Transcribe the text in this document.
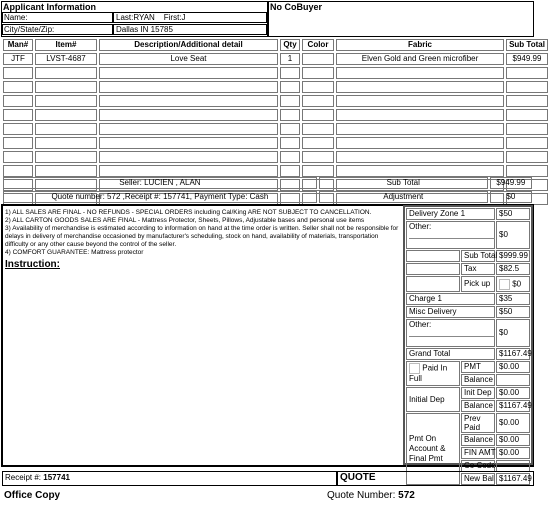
Applicant Information
Name:	Last:RYAN First:J
City/State/Zip:	Dallas IN 15785
No CoBuyer
Man#	Item#	Description/Additional detail	Qty	Color	Fabric	Sub Total
JTF	LVST-4687	Love Seat	1		Elven Gold and Green microfiber	$949.99

Seller: LUCIEN , ALAN	Sub Total	$949.99
Quote number: 572 ,Receipt #: 157741, Payment Type: Cash	Adjustment	$0
1) ALL SALES ARE FINAL - NO REFUNDS - SPECIAL ORDERS including Cal/King ARE NOT SUBJECT TO CANCELLATION.
2) ALL CARTON GOODS SALES ARE FINAL - Mattress Protector, Sheets, Pillows, Adjustable bases and personal use items
3) Availability of merchandise is estimated according to information on hand at the time order is written. Seller shall not be responsible for delays in delivery of merchandise occasioned by manufacturer's scheduling, stock on hand, availability of materials, transportation difficulty or any other cause beyond the control of the seller.
4) COMFORT GUARANTEE: Mattress protector
Instruction:
Delivery Zone 1		$50

Other:		$0
	Sub Total	$999.99
	Tax	$82.5
	Pick up	$0
Charge 1		$35
Misc Delivery		$50

Other:		$0
Grand Total		$1167.49
Paid In Full	PMT	$0.00
	Balance	
Initial Dep	Init Dep	$0.00
	Balance	$1167.49
Pmt On Account & Final Pmt	Prev Paid	$0.00
	Balance	$0.00
	FIN AMT	$0.00
	Co Code	
	New Bal	$1167.49
Receipt #: 157741	QUOTE
Office Copy	Quote Number: 572
